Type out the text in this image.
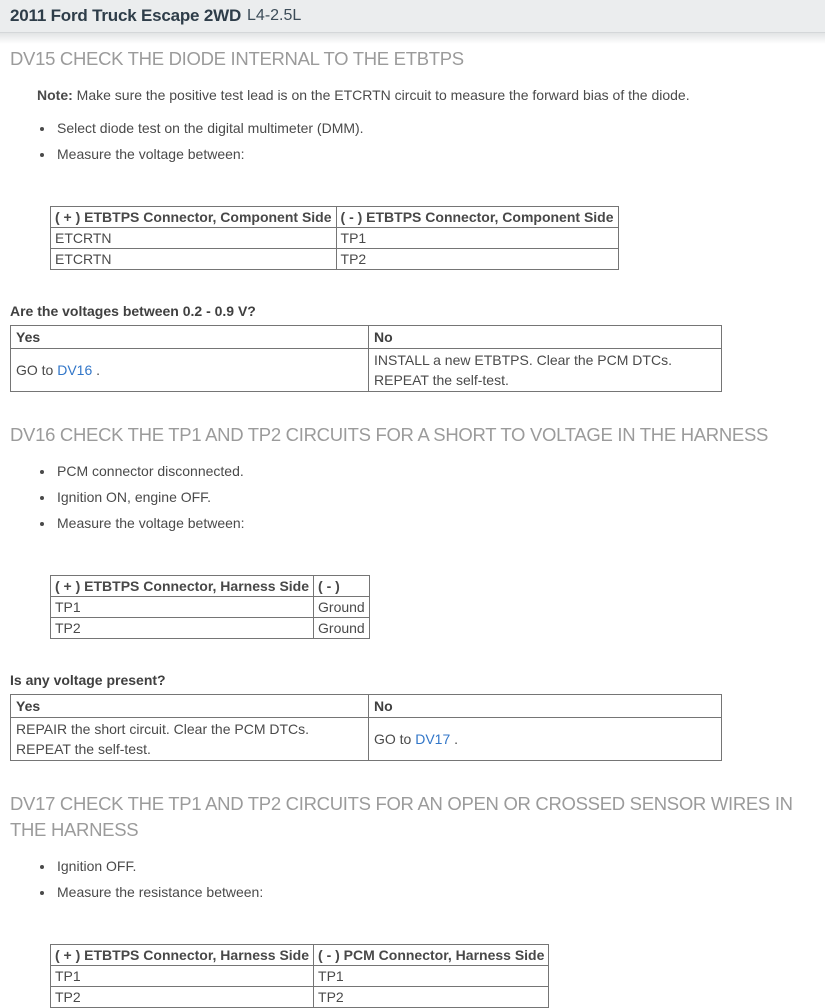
2011 Ford Truck Escape 2WD L4-2.5L
DV15 CHECK THE DIODE INTERNAL TO THE ETBTPS

Note: Make sure the positive test lead is on the ETCRTN circuit to measure the forward bias of the diode.

• Select diode test on the digital multimeter (DMM).
• Measure the voltage between:
( + ) ETBTPS Connector, Component Side	( - ) ETBTPS Connector, Component Side
ETCRTN	TP1
ETCRTN	TP2

Are the voltages between 0.2 - 0.9 V?

Yes	No
GO to DV16 .	INSTALL a new ETBTPS. Clear the PCM DTCs. REPEAT the self-test.
DV16 CHECK THE TP1 AND TP2 CIRCUITS FOR A SHORT TO VOLTAGE IN THE HARNESS
• PCM connector disconnected.
• Ignition ON, engine OFF.
• Measure the voltage between:
( + ) ETBTPS Connector, Harness Side	( - )
TP1	Ground
TP2	Ground

Is any voltage present?

Yes	No
REPAIR the short circuit. Clear the PCM DTCs. REPEAT the self-test.	GO to DV17 .
DV17 CHECK THE TP1 AND TP2 CIRCUITS FOR AN OPEN OR CROSSED SENSOR WIRES IN THE HARNESS
• Ignition OFF.
• Measure the resistance between:
( + ) ETBTPS Connector, Harness Side	( - ) PCM Connector, Harness Side
TP1	TP1
TP2	TP2
